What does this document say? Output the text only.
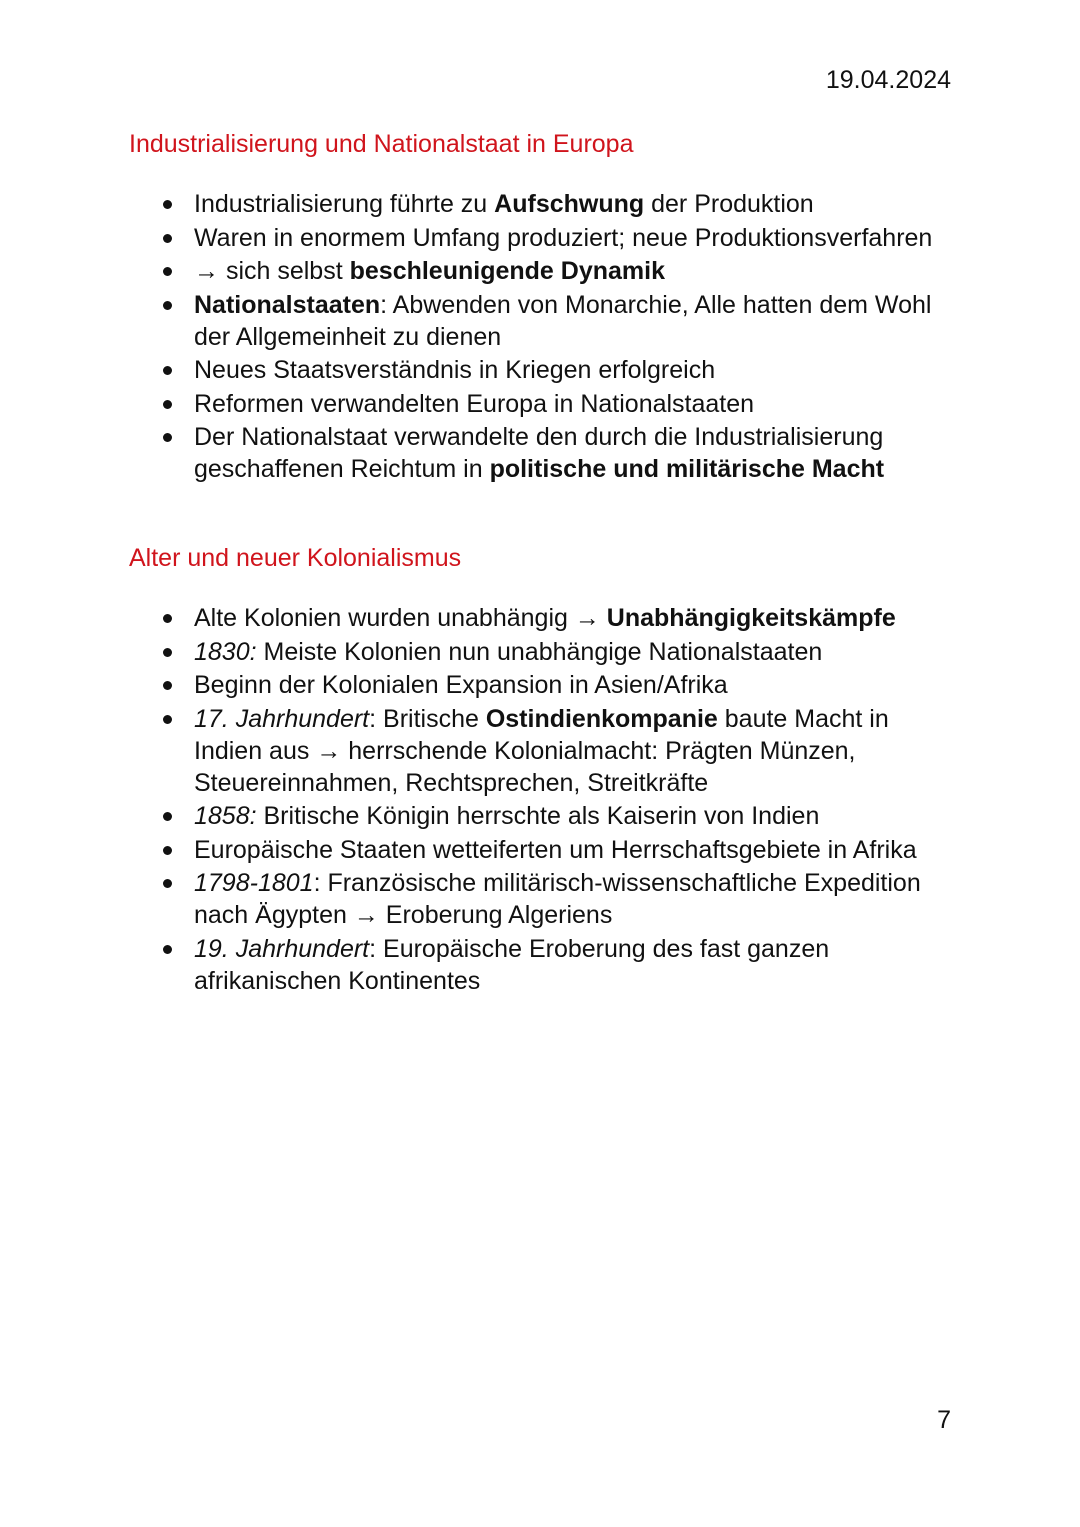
19.04.2024
Industrialisierung und Nationalstaat in Europa
Industrialisierung führte zu Aufschwung der Produktion
Waren in enormem Umfang produziert; neue Produktionsverfahren
→ sich selbst beschleunigende Dynamik
Nationalstaaten: Abwenden von Monarchie, Alle hatten dem Wohl der Allgemeinheit zu dienen
Neues Staatsverständnis in Kriegen erfolgreich
Reformen verwandelten Europa in Nationalstaaten
Der Nationalstaat verwandelte den durch die Industrialisierung geschaffenen Reichtum in politische und militärische Macht
Alter und neuer Kolonialismus
Alte Kolonien wurden unabhängig → Unabhängigkeitskämpfe
1830: Meiste Kolonien nun unabhängige Nationalstaaten
Beginn der Kolonialen Expansion in Asien/Afrika
17. Jahrhundert: Britische Ostindienkompanie baute Macht in Indien aus → herrschende Kolonialmacht: Prägten Münzen, Steuereinnahmen, Rechtsprechen, Streitkräfte
1858: Britische Königin herrschte als Kaiserin von Indien
Europäische Staaten wetteiferten um Herrschaftsgebiete in Afrika
1798-1801: Französische militärisch-wissenschaftliche Expedition nach Ägypten → Eroberung Algeriens
19. Jahrhundert: Europäische Eroberung des fast ganzen afrikanischen Kontinentes
7
